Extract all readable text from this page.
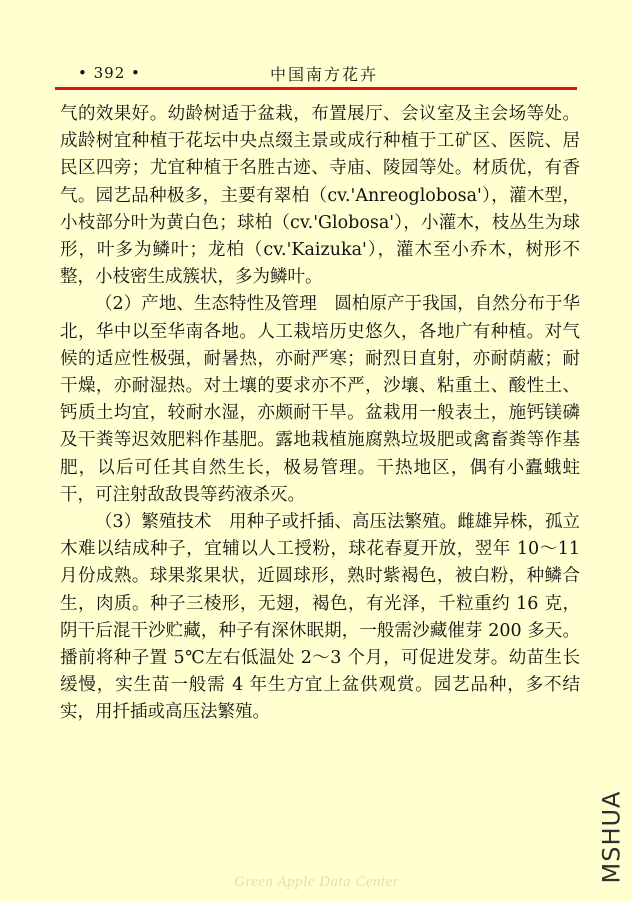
• 392 •	中国南方花卉

气的效果好。幼龄树适于盆栽，布置展厅、会议室及主会场等处。成龄树宜种植于花坛中央点缀主景或成行种植于工矿区、医院、居民区四旁；尤宜种植于名胜古迹、寺庙、陵园等处。材质优，有香气。园艺品种极多，主要有翠柏（cv.'Anreoglobosa'），灌木型，小枝部分叶为黄白色；球柏（cv.'Globosa'），小灌木，枝丛生为球形，叶多为鳞叶；龙柏（cv.'Kaizuka'），灌木至小乔木，树形不整，小枝密生成簇状，多为鳞叶。

（2）产地、生态特性及管理　圆柏原产于我国，自然分布于华北，华中以至华南各地。人工栽培历史悠久，各地广有种植。对气候的适应性极强，耐暑热，亦耐严寒；耐烈日直射，亦耐荫蔽；耐干燥，亦耐湿热。对土壤的要求亦不严，沙壤、粘重土、酸性土、钙质土均宜，较耐水湿，亦颇耐干旱。盆栽用一般表土，施钙镁磷及干粪等迟效肥料作基肥。露地栽植施腐熟垃圾肥或禽畜粪等作基肥，以后可任其自然生长，极易管理。干热地区，偶有小蠹蛾蛀干，可注射敌敌畏等药液杀灭。

（3）繁殖技术　用种子或扦插、高压法繁殖。雌雄异株，孤立木难以结成种子，宜辅以人工授粉，球花春夏开放，翌年 10～11 月份成熟。球果浆果状，近圆球形，熟时紫褐色，被白粉，种鳞合生，肉质。种子三棱形，无翅，褐色，有光泽，千粒重约 16 克，阴干后混干沙贮藏，种子有深休眠期，一般需沙藏催芽 200 多天。播前将种子置 5℃左右低温处 2～3 个月，可促进发芽。幼苗生长缓慢，实生苗一般需 4 年生方宜上盆供观赏。园艺品种，多不结实，用扦插或高压法繁殖。

MSHUA
Green Apple Data Center
